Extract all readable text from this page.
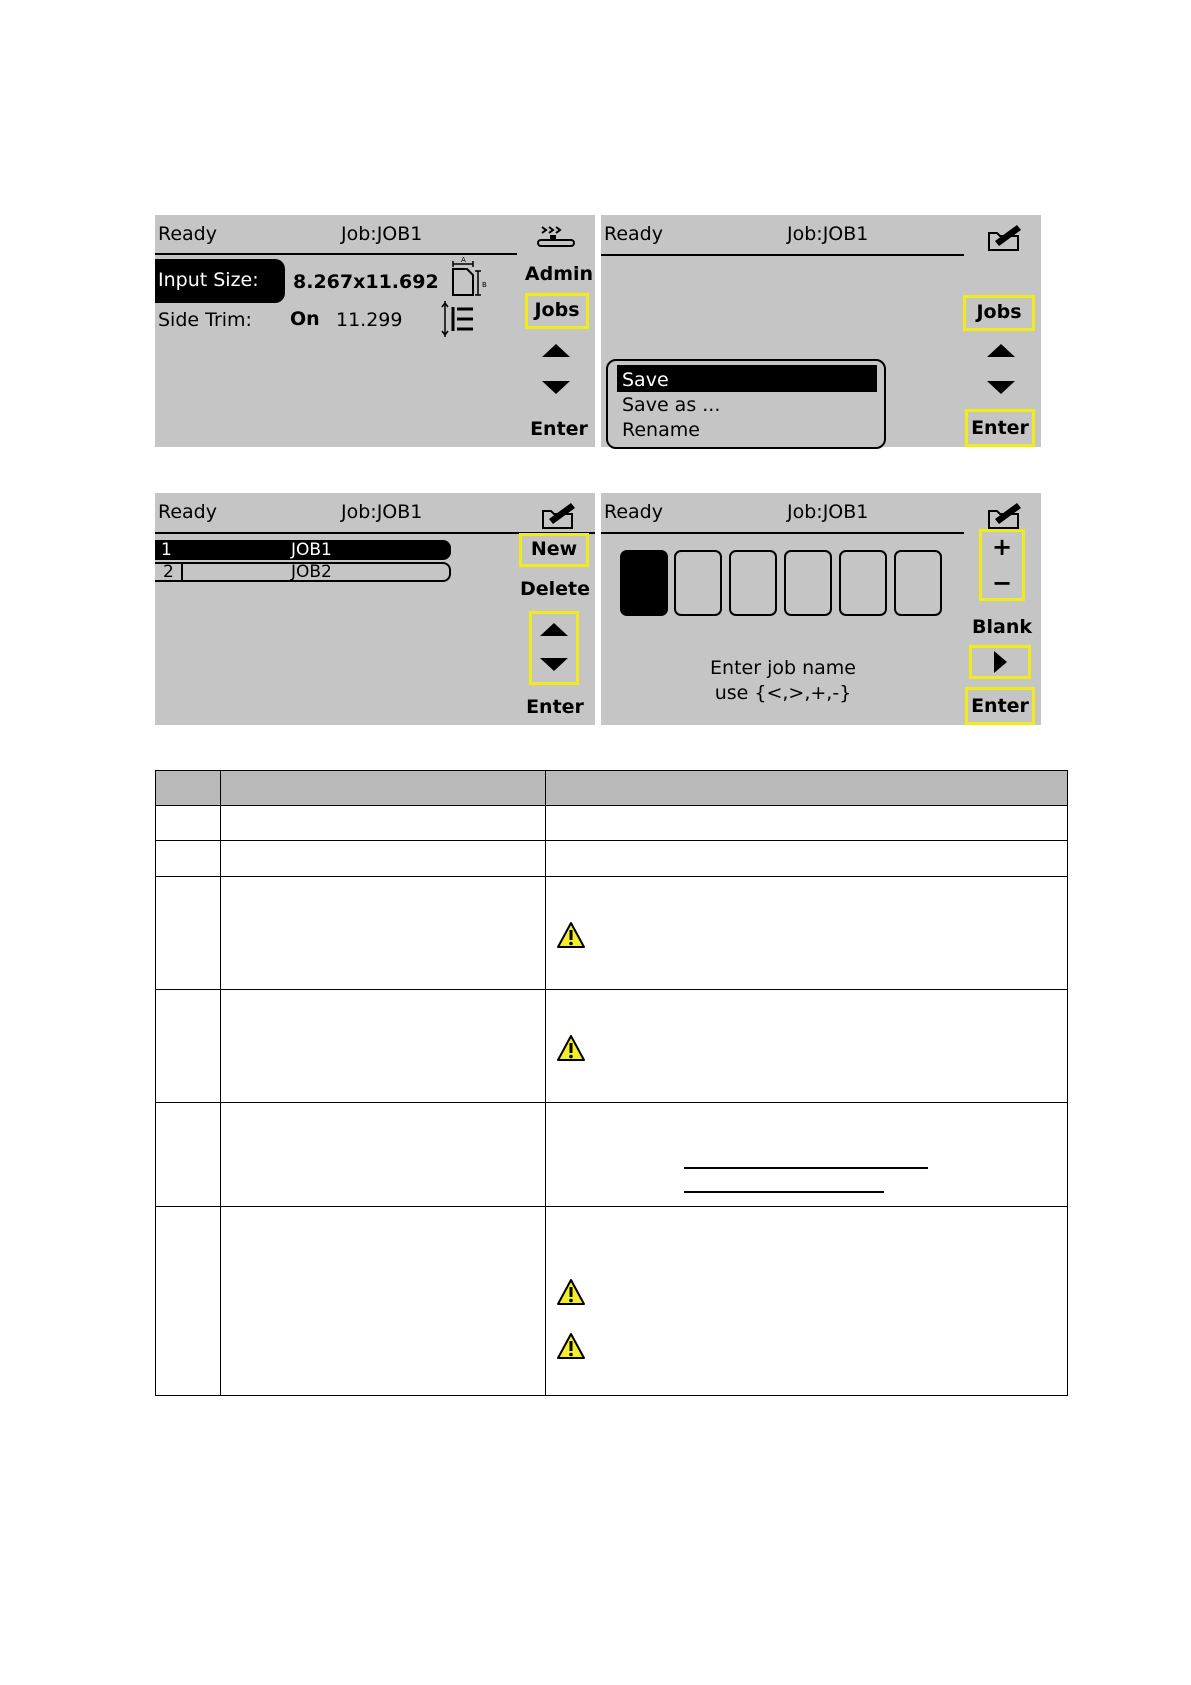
Ready	Job:JOB1
Input Size: 8.267x11.692
A
B
Side Trim: On 11.299
Admin
Jobs
Enter
Ready	Job:JOB1
Save
Save as ...
Rename
Jobs
Enter
Ready	Job:JOB1
1	JOB1
2	JOB2
New
Delete
Enter
Ready	Job:JOB1
Enter job name
use {<,>,+,-}
+
−
Blank
Enter
